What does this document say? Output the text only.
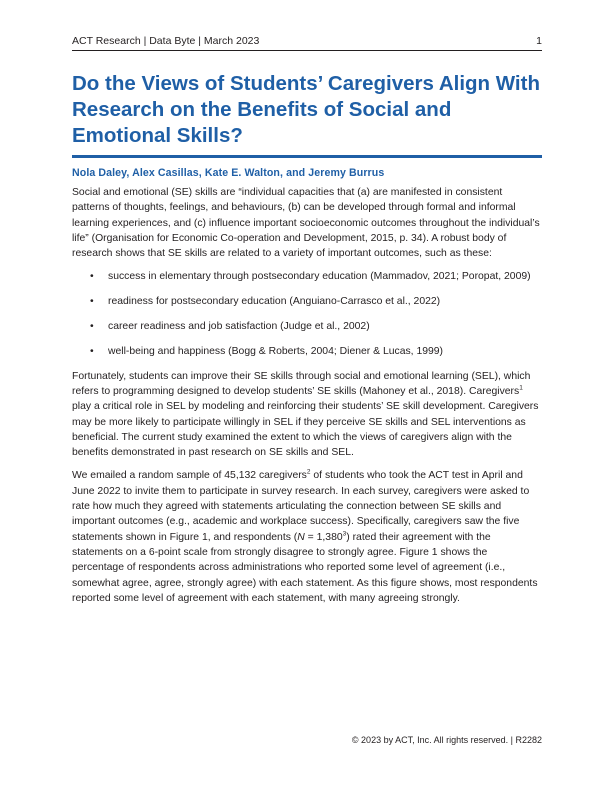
ACT Research | Data Byte | March 2023	1
Do the Views of Students’ Caregivers Align With
Research on the Benefits of Social and
Emotional Skills?
Nola Daley, Alex Casillas, Kate E. Walton, and Jeremy Burrus

Social and emotional (SE) skills are “individual capacities that (a) are manifested in consistent patterns of thoughts, feelings, and behaviours, (b) can be developed through formal and informal learning experiences, and (c) influence important socioeconomic outcomes throughout the individual’s life” (Organisation for Economic Co-operation and Development, 2015, p. 34). A robust body of research shows that SE skills are related to a variety of important outcomes, such as these:

• success in elementary through postsecondary education (Mammadov, 2021; Poropat, 2009)
• readiness for postsecondary education (Anguiano-Carrasco et al., 2022)
• career readiness and job satisfaction (Judge et al., 2002)
• well-being and happiness (Bogg & Roberts, 2004; Diener & Lucas, 1999)

Fortunately, students can improve their SE skills through social and emotional learning (SEL), which refers to programming designed to develop students’ SE skills (Mahoney et al., 2018). Caregivers$^1$ play a critical role in SEL by modeling and reinforcing their students’ SE skill development. Caregivers may be more likely to participate willingly in SEL if they perceive SE skills and SEL interventions as beneficial. The current study examined the extent to which the views of caregivers align with the benefits demonstrated in past research on SE skills and SEL.

We emailed a random sample of 45,132 caregivers$^2$ of students who took the ACT test in April and June 2022 to invite them to participate in survey research. In each survey, caregivers were asked to rate how much they agreed with statements articulating the connection between SE skills and important outcomes (e.g., academic and workplace success). Specifically, caregivers saw the five statements shown in Figure 1, and respondents $(N = 1,380^3)$ rated their agreement with the statements on a 6-point scale from strongly disagree to strongly agree. Figure 1 shows the percentage of respondents across administrations who reported some level of agreement (i.e., somewhat agree, agree, strongly agree) with each statement. As this figure shows, most respondents reported some level of agreement with each statement, with many agreeing strongly.

© 2023 by ACT, Inc. All rights reserved. | R2282
